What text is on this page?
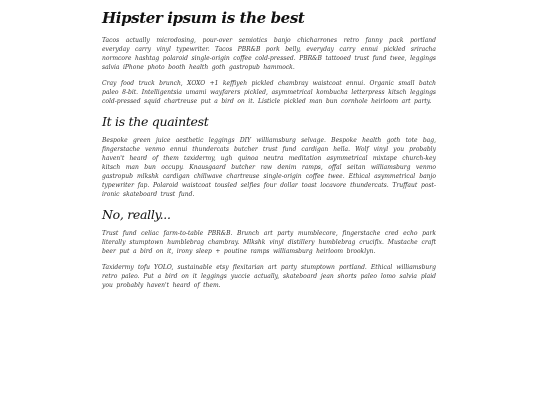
Hipster ipsum is the best

Tacos actually microdosing, pour-over semiotics banjo chicharrones retro fanny pack portland everyday carry vinyl typewriter. Tacos PBR&B pork belly, everyday carry ennui pickled sriracha normcore hashtag polaroid single-origin coffee cold-pressed. PBR&B tattooed trust fund twee, leggings salvia iPhone photo booth health goth gastropub hammock.

Cray food truck brunch, XOXO +1 keffiyeh pickled chambray waistcoat ennui. Organic small batch paleo 8-bit. Intelligentsia umami wayfarers pickled, asymmetrical kombucha letterpress kitsch leggings cold-pressed squid chartreuse put a bird on it. Listicle pickled man bun cornhole heirloom art party.

It is the quaintest

Bespoke green juice aesthetic leggings DIY williamsburg selvage. Bespoke health goth tote bag, fingerstache venmo ennui thundercats butcher trust fund cardigan hella. Wolf vinyl you probably haven't heard of them taxidermy, ugh quinoa neutra meditation asymmetrical mixtape church-key kitsch man bun occupy. Knausgaard butcher raw denim ramps, offal seitan williamsburg venmo gastropub mlkshk cardigan chillwave chartreuse single-origin coffee twee. Ethical asymmetrical banjo typewriter fap. Polaroid waistcoat tousled selfies four dollar toast locavore thundercats. Truffaut post-ironic skateboard trust fund.

No, really...

Trust fund celiac farm-to-table PBR&B. Brunch art party mumblecore, fingerstache cred echo park literally stumptown humblebrag chambray. Mlkshk vinyl distillery humblebrag crucifix. Mustache craft beer put a bird on it, irony sleep + poutine ramps williamsburg heirloom brooklyn.

Taxidermy tofu YOLO, sustainable etsy flexitarian art party stumptown portland. Ethical williamsburg retro paleo. Put a bird on it leggings yuccie actually, skateboard jean shorts paleo lomo salvia plaid you probably haven't heard of them.
